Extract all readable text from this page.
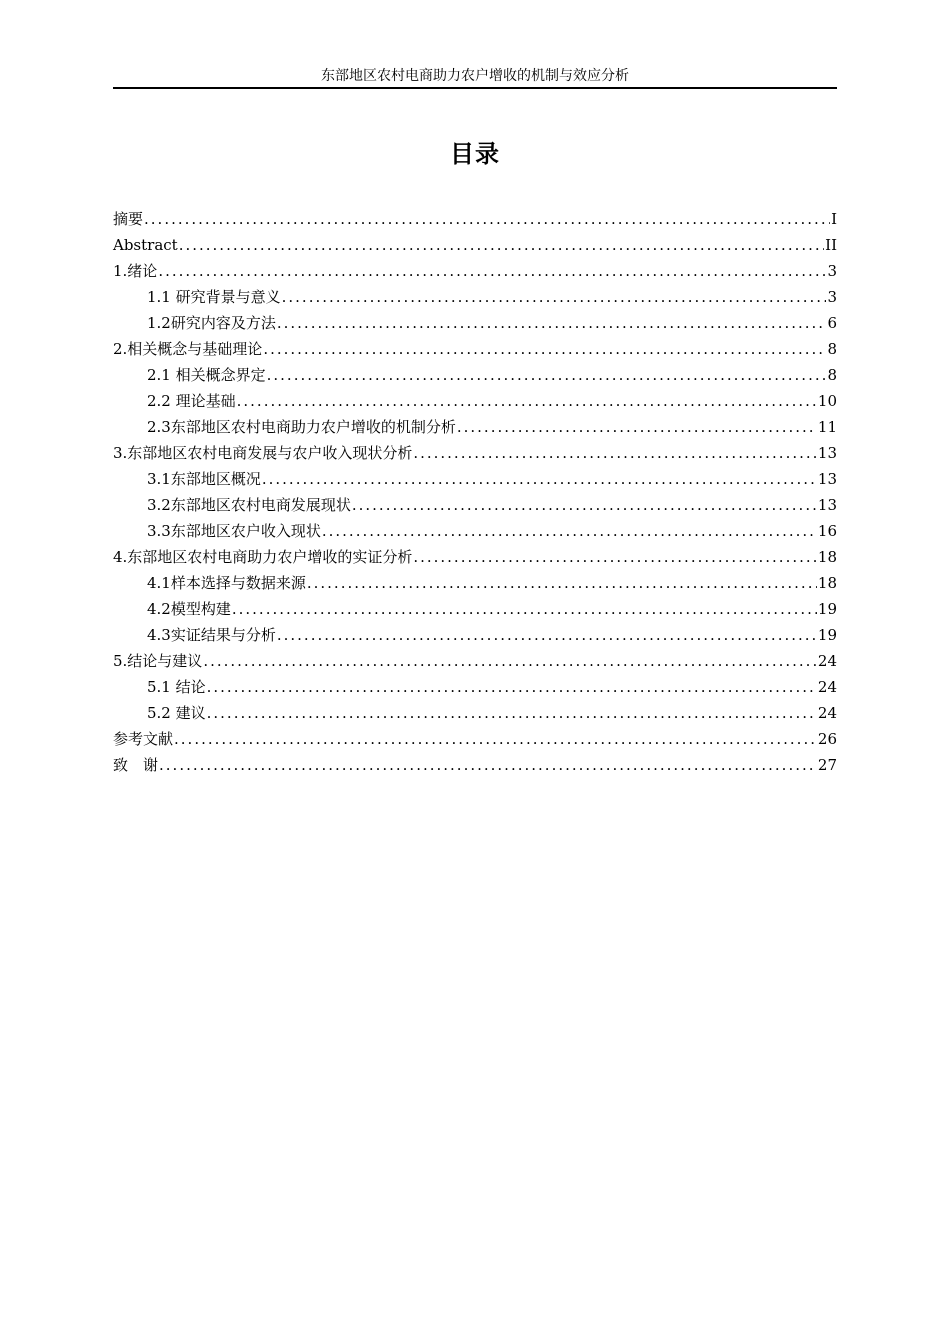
东部地区农村电商助力农户增收的机制与效应分析
目录
摘要 .....	I
Abstract .....	II
1.绪论 .....	3
1.1 研究背景与意义 .....	3
1.2研究内容及方法 .....	6
2.相关概念与基础理论 .....	8
2.1 相关概念界定 .....	8
2.2 理论基础 .....	10
2.3东部地区农村电商助力农户增收的机制分析 .....	11
3.东部地区农村电商发展与农户收入现状分析 .....	13
3.1东部地区概况 .....	13
3.2东部地区农村电商发展现状 .....	13
3.3东部地区农户收入现状 .....	16
4.东部地区农村电商助力农户增收的实证分析 .....	18
4.1样本选择与数据来源 .....	18
4.2模型构建 .....	19
4.3实证结果与分析 .....	19
5.结论与建议 .....	24
5.1 结论 .....	24
5.2 建议 .....	24
参考文献 .....	26
致　谢 .....	27
